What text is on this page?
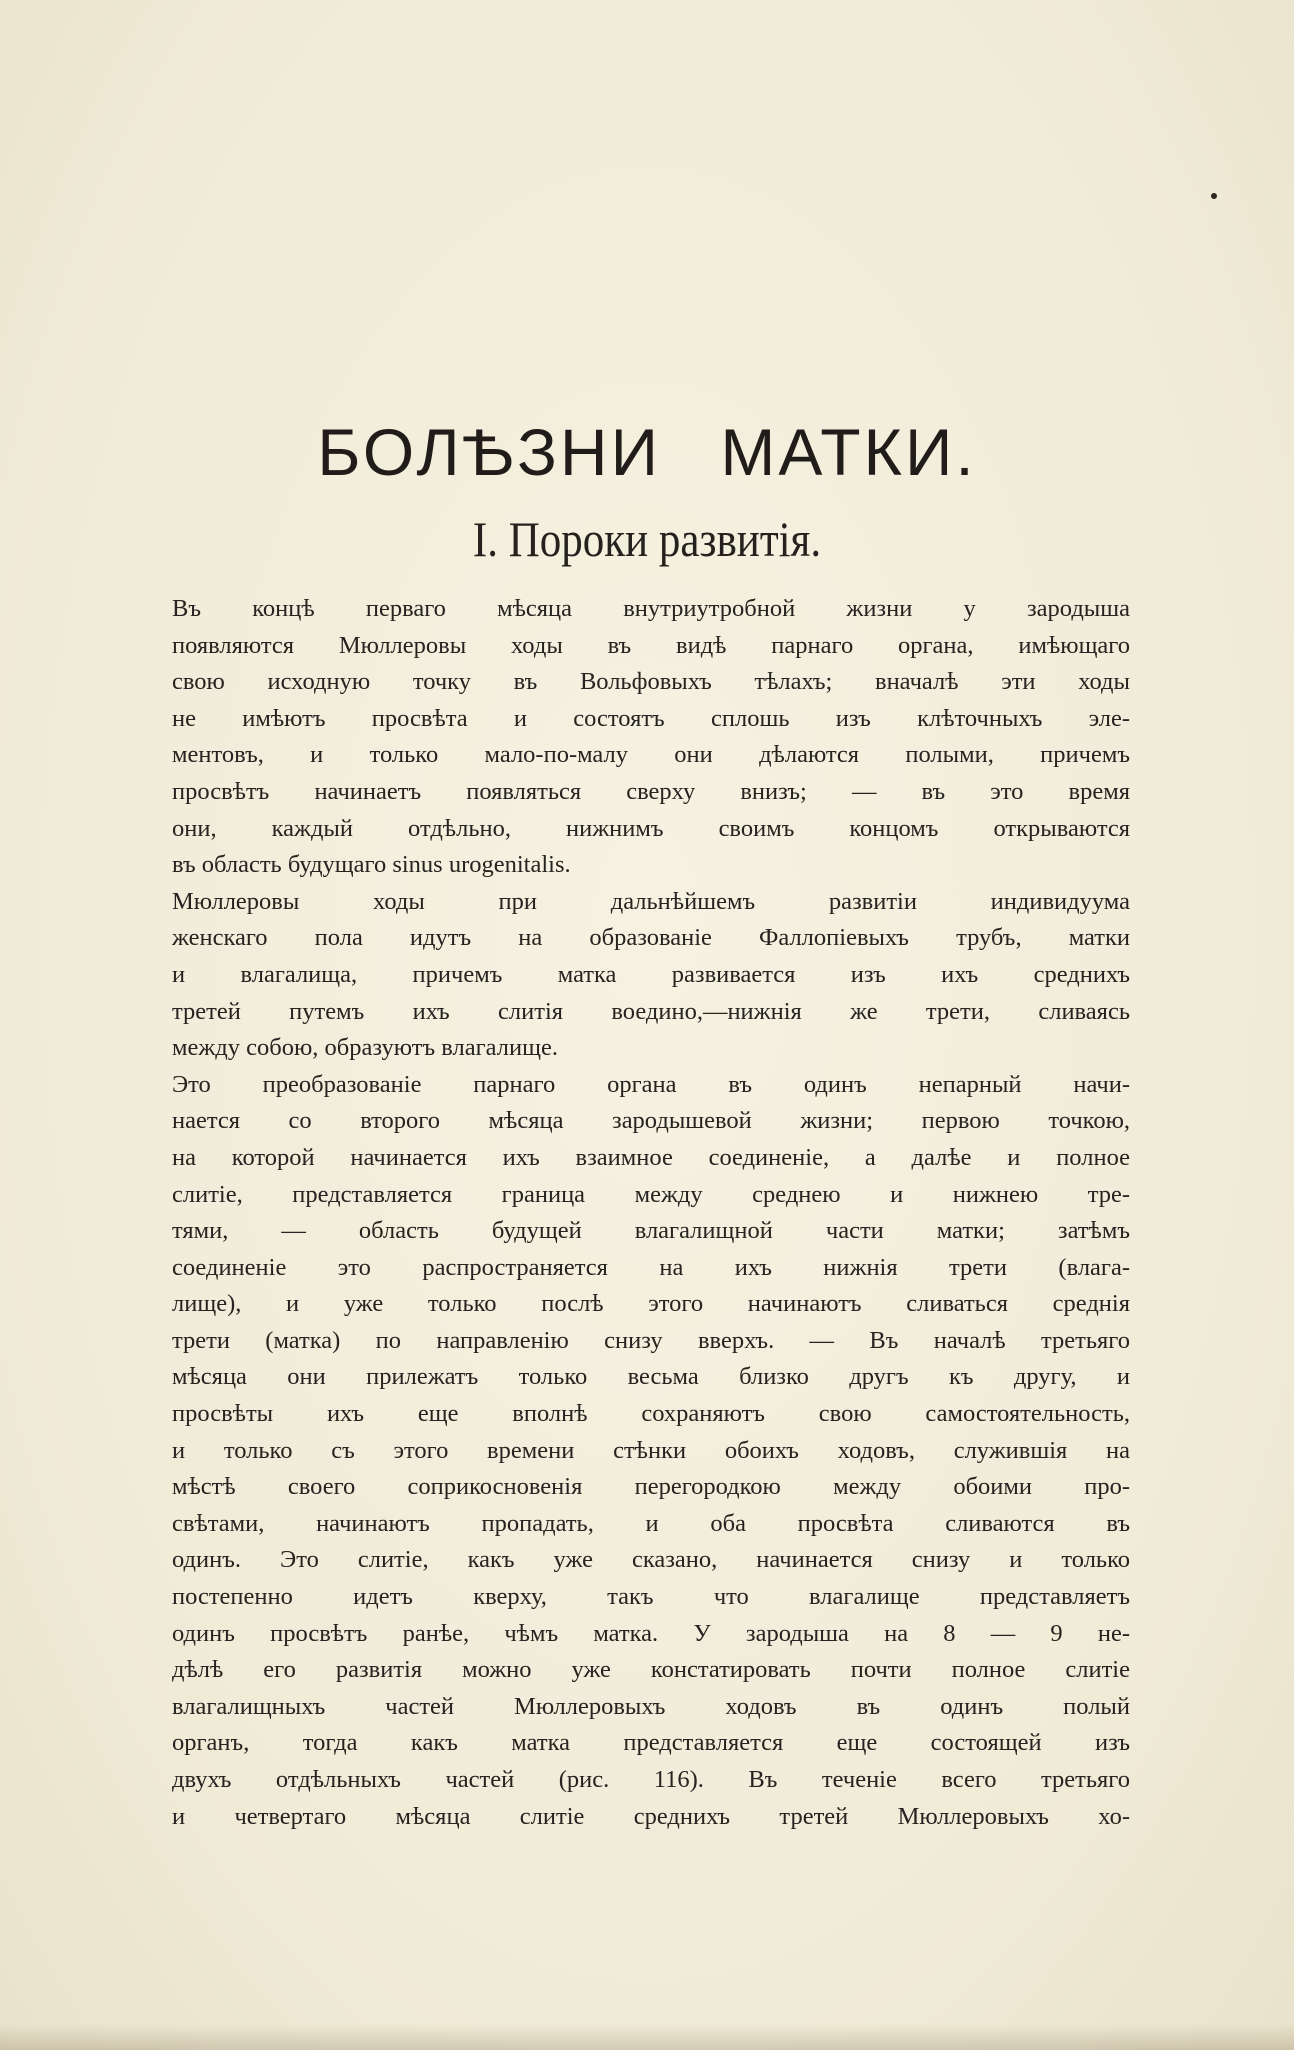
БОЛѢЗНИ МАТКИ.
I. Пороки развитія.

Въ концѣ перваго мѣсяца внутриутробной жизни у зародыша
появляются Мюллеровы ходы въ видѣ парнаго органа, имѣющаго
свою исходную точку въ Вольфовыхъ тѣлахъ; вначалѣ эти ходы
не имѣютъ просвѣта и состоятъ сплошь изъ клѣточныхъ эле-
ментовъ, и только мало-по-малу они дѣлаются полыми, причемъ
просвѣтъ начинаетъ появляться сверху внизъ; — въ это время
они, каждый отдѣльно, нижнимъ своимъ концомъ открываются
въ область будущаго sinus urogenitalis.

Мюллеровы ходы при дальнѣйшемъ развитіи индивидуума
женскаго пола идутъ на образованіе Фаллопіевыхъ трубъ, матки
и влагалища, причемъ матка развивается изъ ихъ среднихъ
третей путемъ ихъ слитія воедино,—нижнія же трети, сливаясь
между собою, образуютъ влагалище.

Это преобразованіе парнаго органа въ одинъ непарный начи-
нается со второго мѣсяца зародышевой жизни; первою точкою,
на которой начинается ихъ взаимное соединеніе, а далѣе и полное
слитіе, представляется граница между среднею и нижнею тре-
тями, — область будущей влагалищной части матки; затѣмъ
соединеніе это распространяется на ихъ нижнія трети (влага-
лище), и уже только послѣ этого начинаютъ сливаться среднія
трети (матка) по направленію снизу вверхъ. — Въ началѣ третьяго
мѣсяца они прилежатъ только весьма близко другъ къ другу, и
просвѣты ихъ еще вполнѣ сохраняютъ свою самостоятельность,
и только съ этого времени стѣнки обоихъ ходовъ, служившія на
мѣстѣ своего соприкосновенія перегородкою между обоими про-
свѣтами, начинаютъ пропадать, и оба просвѣта сливаются въ
одинъ. Это слитіе, какъ уже сказано, начинается снизу и только
постепенно идетъ кверху, такъ что влагалище представляетъ
одинъ просвѣтъ ранѣе, чѣмъ матка. У зародыша на 8 — 9 не-
дѣлѣ его развитія можно уже констатировать почти полное слитіе
влагалищныхъ частей Мюллеровыхъ ходовъ въ одинъ полый
органъ, тогда какъ матка представляется еще состоящей изъ
двухъ отдѣльныхъ частей (рис. 116). Въ теченіе всего третьяго
и четвертаго мѣсяца слитіе среднихъ третей Мюллеровыхъ хо-
